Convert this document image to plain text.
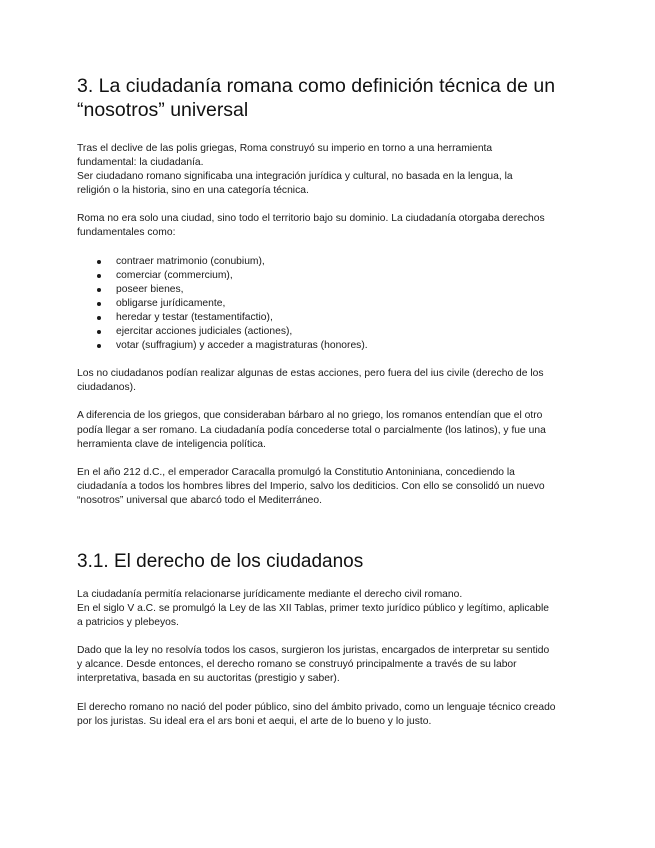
3. La ciudadanía romana como definición técnica de un
“nosotros” universal

Tras el declive de las polis griegas, Roma construyó su imperio en torno a una herramienta
fundamental: la ciudadanía.
Ser ciudadano romano significaba una integración jurídica y cultural, no basada en la lengua, la
religión o la historia, sino en una categoría técnica.

Roma no era solo una ciudad, sino todo el territorio bajo su dominio. La ciudadanía otorgaba derechos
fundamentales como:

contraer matrimonio (conubium),
comerciar (commercium),
poseer bienes,
obligarse jurídicamente,
heredar y testar (testamentifactio),
ejercitar acciones judiciales (actiones),
votar (suffragium) y acceder a magistraturas (honores).

Los no ciudadanos podían realizar algunas de estas acciones, pero fuera del ius civile (derecho de los
ciudadanos).

A diferencia de los griegos, que consideraban bárbaro al no griego, los romanos entendían que el otro
podía llegar a ser romano. La ciudadanía podía concederse total o parcialmente (los latinos), y fue una
herramienta clave de inteligencia política.

En el año 212 d.C., el emperador Caracalla promulgó la Constitutio Antoniniana, concediendo la
ciudadanía a todos los hombres libres del Imperio, salvo los dediticios. Con ello se consolidó un nuevo
“nosotros” universal que abarcó todo el Mediterráneo.

3.1. El derecho de los ciudadanos

La ciudadanía permitía relacionarse jurídicamente mediante el derecho civil romano.
En el siglo V a.C. se promulgó la Ley de las XII Tablas, primer texto jurídico público y legítimo, aplicable
a patricios y plebeyos.

Dado que la ley no resolvía todos los casos, surgieron los juristas, encargados de interpretar su sentido
y alcance. Desde entonces, el derecho romano se construyó principalmente a través de su labor
interpretativa, basada en su auctoritas (prestigio y saber).

El derecho romano no nació del poder público, sino del ámbito privado, como un lenguaje técnico creado
por los juristas. Su ideal era el ars boni et aequi, el arte de lo bueno y lo justo.
